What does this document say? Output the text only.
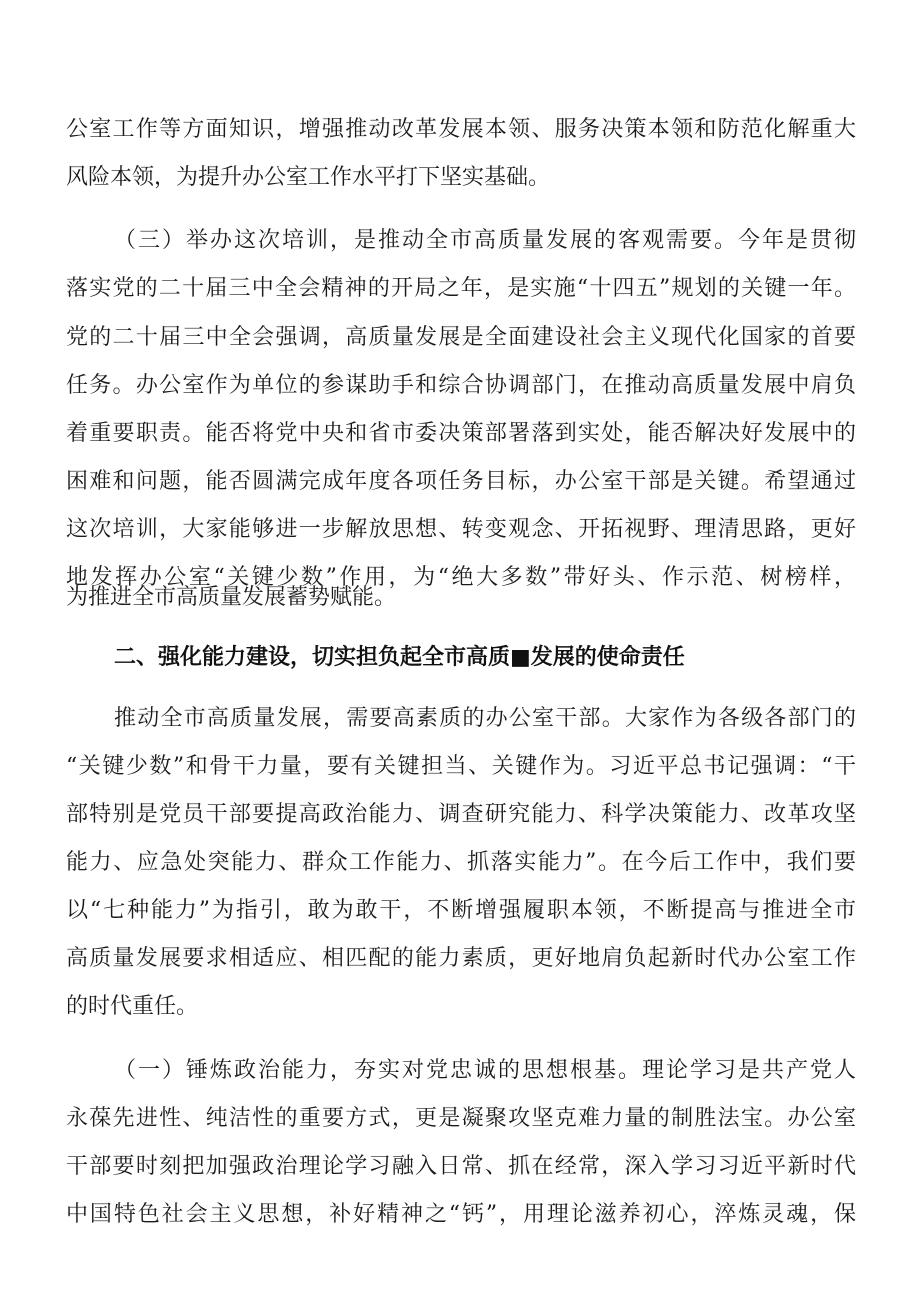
公室工作等方面知识，增强推动改革发展本领、服务决策本领和防范化解重大
风险本领，为提升办公室工作水平打下坚实基础。
（三）举办这次培训，是推动全市高质量发展的客观需要。今年是贯彻
落实党的二十届三中全会精神的开局之年，是实施“十四五”规划的关键一年。
党的二十届三中全会强调，高质量发展是全面建设社会主义现代化国家的首要
任务。办公室作为单位的参谋助手和综合协调部门，在推动高质量发展中肩负
着重要职责。能否将党中央和省市委决策部署落到实处，能否解决好发展中的
困难和问题，能否圆满完成年度各项任务目标，办公室干部是关键。希望通过
这次培训，大家能够进一步解放思想、转变观念、开拓视野、理清思路，更好
地发挥办公室“关键少数”作用，为“绝大多数”带好头、作示范、树榜样，
为推进全市高质量发展蓄势赋能。
二、强化能力建设，切实担负起全市高质■发展的使命责任
推动全市高质量发展，需要高素质的办公室干部。大家作为各级各部门的
“关键少数”和骨干力量，要有关键担当、关键作为。习近平总书记强调：“干
部特别是党员干部要提高政治能力、调查研究能力、科学决策能力、改革攻坚
能力、应急处突能力、群众工作能力、抓落实能力”。在今后工作中，我们要
以“七种能力”为指引，敢为敢干，不断增强履职本领，不断提高与推进全市
高质量发展要求相适应、相匹配的能力素质，更好地肩负起新时代办公室工作
的时代重任。
（一）锤炼政治能力，夯实对党忠诚的思想根基。理论学习是共产党人
永葆先进性、纯洁性的重要方式，更是凝聚攻坚克难力量的制胜法宝。办公室
干部要时刻把加强政治理论学习融入日常、抓在经常，深入学习习近平新时代
中国特色社会主义思想，补好精神之“钙”，用理论滋养初心，淬炼灵魂，保
